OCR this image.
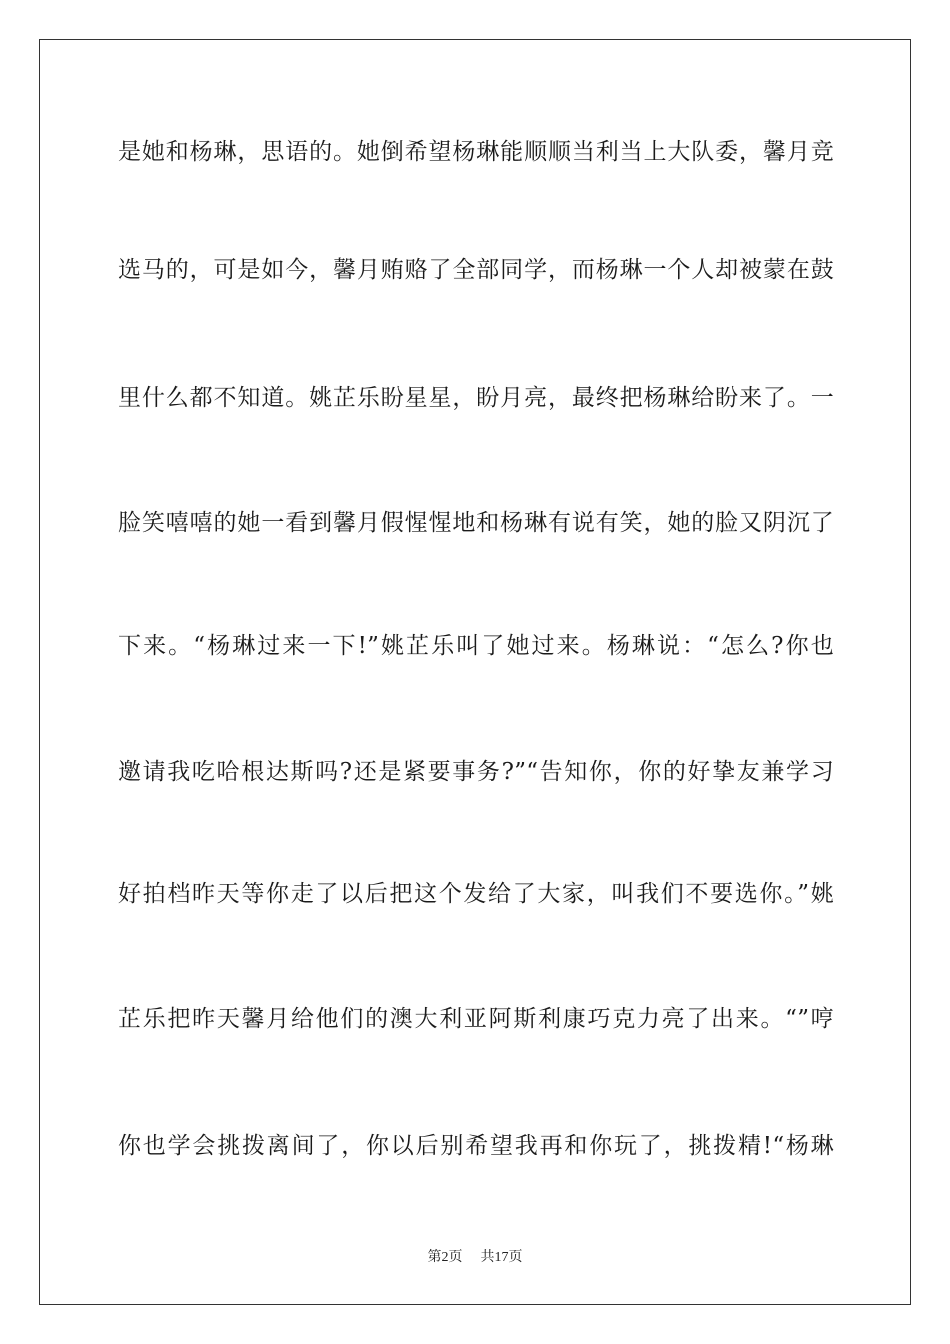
是她和杨琳，思语的。她倒希望杨琳能顺顺当利当上大队委，馨月竞
选马的，可是如今，馨月贿赂了全部同学，而杨琳一个人却被蒙在鼓
里什么都不知道。姚芷乐盼星星，盼月亮，最终把杨琳给盼来了。一
脸笑嘻嘻的她一看到馨月假惺惺地和杨琳有说有笑，她的脸又阴沉了
下来。“杨琳过来一下!”姚芷乐叫了她过来。杨琳说：“怎么?你也
邀请我吃哈根达斯吗?还是紧要事务?”“告知你，你的好挚友兼学习
好拍档昨天等你走了以后把这个发给了大家，叫我们不要选你。”姚
芷乐把昨天馨月给他们的澳大利亚阿斯利康巧克力亮了出来。“”哼
你也学会挑拨离间了，你以后别希望我再和你玩了，挑拨精!“杨琳
第2页 共17页
